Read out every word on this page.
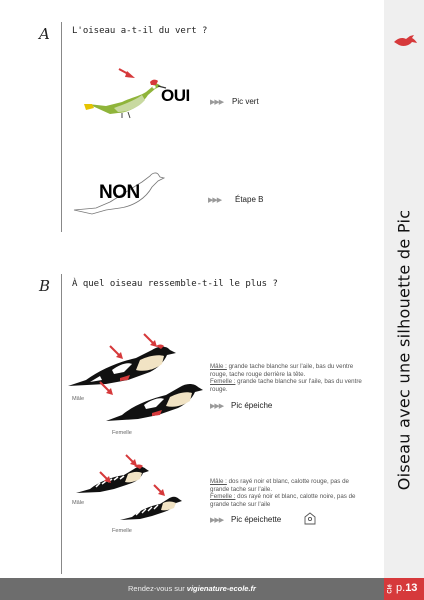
Oiseau avec une silhouette de Pic
A L'oiseau a-t-il du vert ?
OUI	▶▶▶ Pic vert
NON	▶▶▶ Étape B
B À quel oiseau ressemble-t-il le plus ?
Mâle
Femelle
Mâle : grande tache blanche sur l'aile, bas du ventre rouge, tache rouge derrière la tête.
Femelle : grande tache blanche sur l'aile, bas du ventre rouge.
▶▶▶ Pic épeiche
Mâle
Femelle
Mâle : dos rayé noir et blanc, calotte rouge, pas de grande tache sur l'aile.
Femelle : dos rayé noir et blanc, calotte noire, pas de grande tache sur l'aile
▶▶▶ Pic épeichette
Rendez-vous sur vigienature-ecole.fr	Clé p.13
